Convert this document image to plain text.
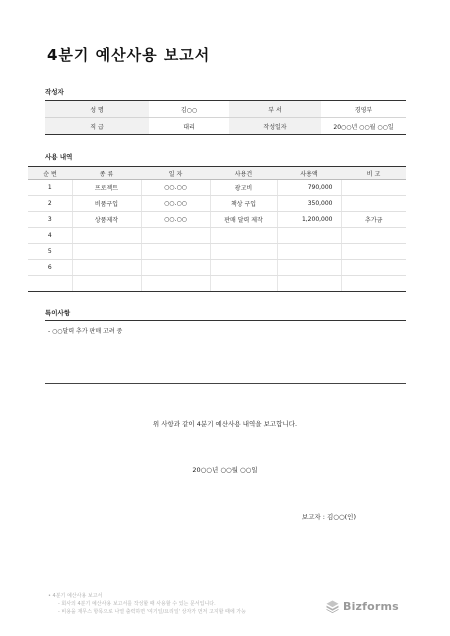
4분기 예산사용 보고서
작성자
성 명	김○○	부 서	경영부
직 급	대리	작성일자	20○○년 ○○월 ○○일
사용 내역
순 번	종 류	일 자	사용건	사용액	비 고
1	프로젝트	○○.○○	광고비	790,000	
2	비품구입	○○.○○	책상 구입	350,000	
3	상품제작	○○.○○	판매 달력 제작	1,200,000	추가금
4					
5					
6					

특이사항
- ○○달력 추가 판매 고려 중
위 사항과 같이 4분기 예산사용 내역을 보고합니다.
20○○년 ○○월 ○○일
보고자 : 김○○(인)
• 4분기 예산사용 보고서
- 회사의 4분기 예산사용 보고서를 작성할 때 사용할 수 있는 문서입니다.
- 비용을 재무스 항목으로 나열 출력하면 '여기일/요리일' 상자가 먼저 고지할 때에 가능	Bizforms
